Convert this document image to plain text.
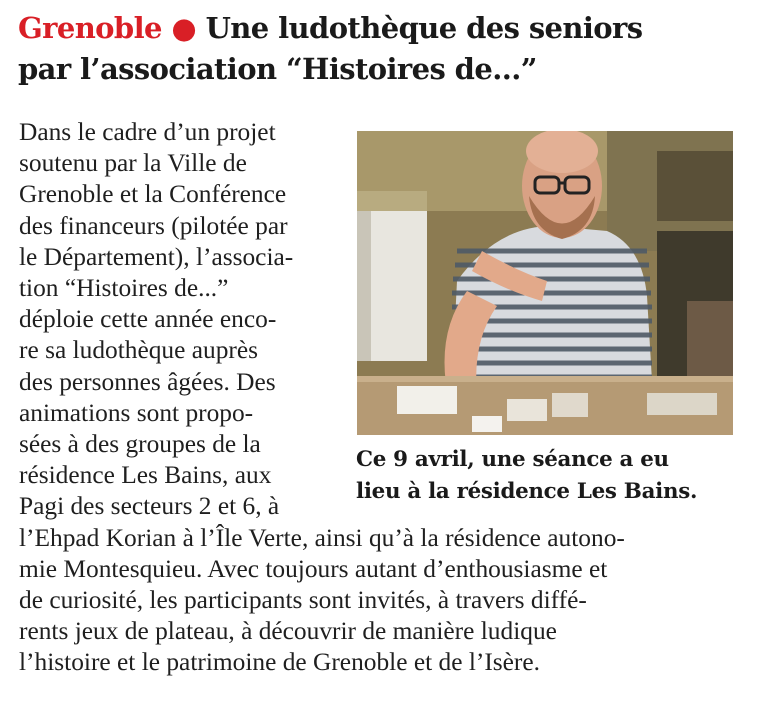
Grenoble ● Une ludothèque des seniors
par l’association “Histoires de...”
Dans le cadre d’un projet
soutenu par la Ville de
Grenoble et la Conférence
des financeurs (pilotée par
le Département), l’associa-
tion “Histoires de...”
déploie cette année enco-
re sa ludothèque auprès
des personnes âgées. Des
animations sont propo-
sées à des groupes de la
résidence Les Bains, aux
Pagi des secteurs 2 et 6, à
l’Ehpad Korian à l’Île Verte, ainsi qu’à la résidence autono-
mie Montesquieu. Avec toujours autant d’enthousiasme et
de curiosité, les participants sont invités, à travers diffé-
rents jeux de plateau, à découvrir de manière ludique
l’histoire et le patrimoine de Grenoble et de l’Isère.
Ce 9 avril, une séance a eu
lieu à la résidence Les Bains.
